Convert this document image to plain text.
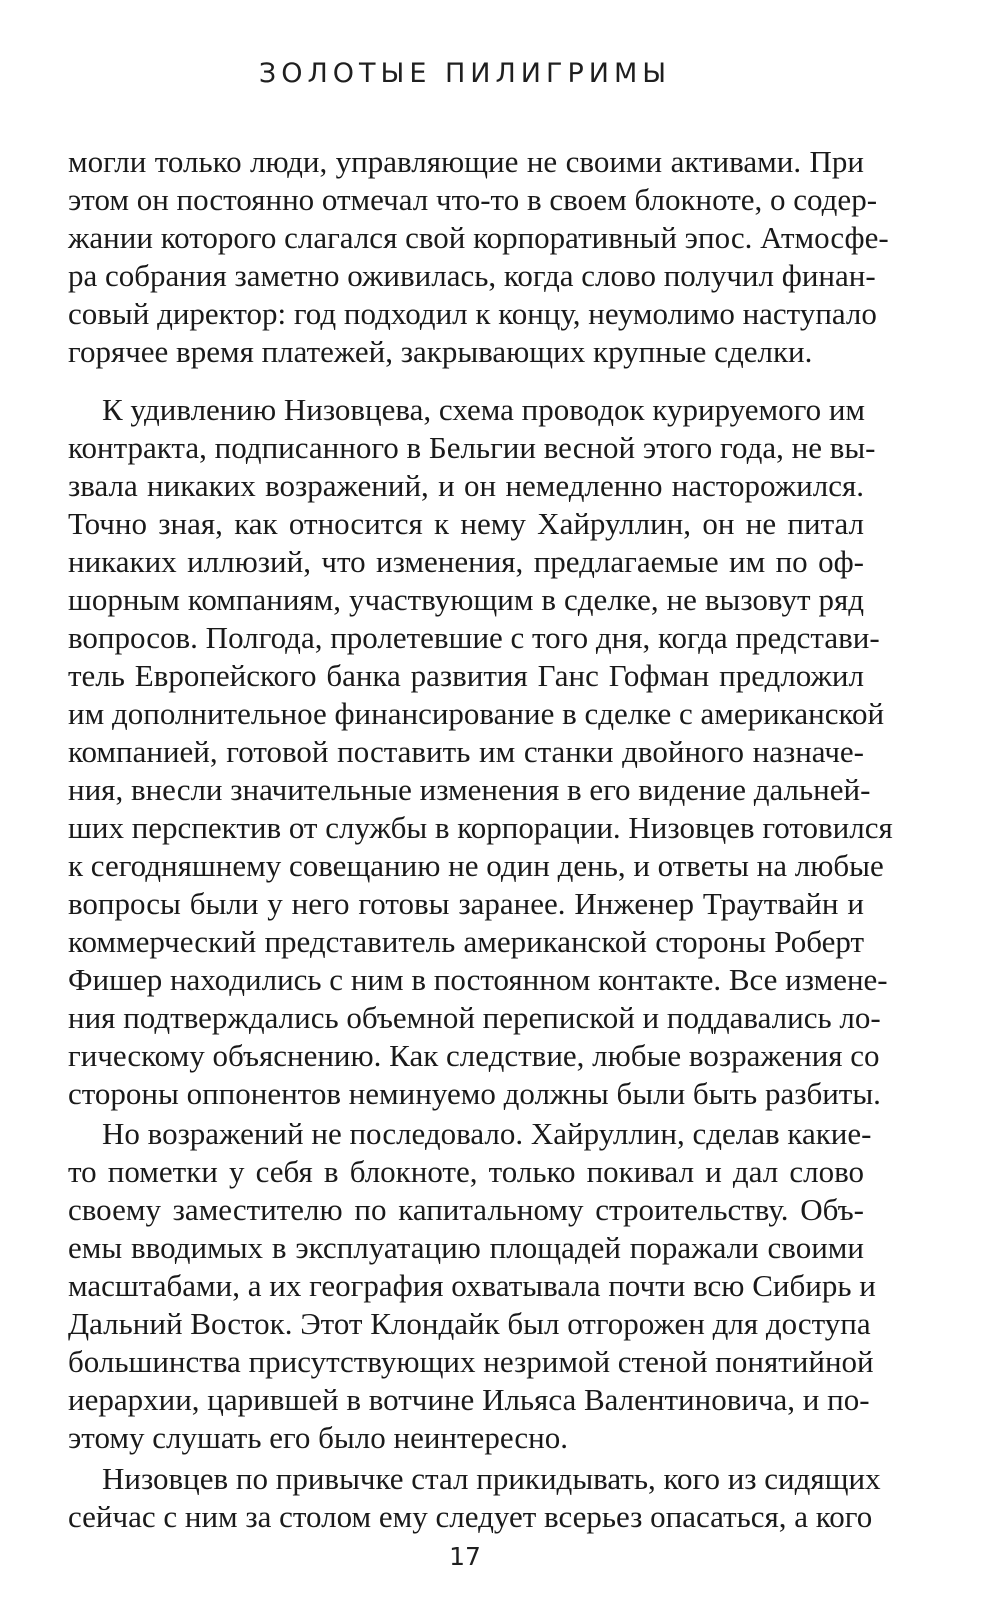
ЗОЛОТЫЕ ПИЛИГРИМЫ
могли только люди, управляющие не своими активами. При
этом он постоянно отмечал что-то в своем блокноте, о содер-
жании которого слагался свой корпоративный эпос. Атмосфе-
ра собрания заметно оживилась, когда слово получил финан-
совый директор: год подходил к концу, неумолимо наступало
горячее время платежей, закрывающих крупные сделки.
К удивлению Низовцева, схема проводок курируемого им
контракта, подписанного в Бельгии весной этого года, не вы-
звала никаких возражений, и он немедленно насторожился.
Точно зная, как относится к нему Хайруллин, он не питал
никаких иллюзий, что изменения, предлагаемые им по оф-
шорным компаниям, участвующим в сделке, не вызовут ряд
вопросов. Полгода, пролетевшие с того дня, когда представи-
тель Европейского банка развития Ганс Гофман предложил
им дополнительное финансирование в сделке с американской
компанией, готовой поставить им станки двойного назначе-
ния, внесли значительные изменения в его видение дальней-
ших перспектив от службы в корпорации. Низовцев готовился
к сегодняшнему совещанию не один день, и ответы на любые
вопросы были у него готовы заранее. Инженер Траутвайн и
коммерческий представитель американской стороны Роберт
Фишер находились с ним в постоянном контакте. Все измене-
ния подтверждались объемной перепиской и поддавались ло-
гическому объяснению. Как следствие, любые возражения со
стороны оппонентов неминуемо должны были быть разбиты.
Но возражений не последовало. Хайруллин, сделав какие-
то пометки у себя в блокноте, только покивал и дал слово
своему заместителю по капитальному строительству. Объ-
емы вводимых в эксплуатацию площадей поражали своими
масштабами, а их география охватывала почти всю Сибирь и
Дальний Восток. Этот Клондайк был отгорожен для доступа
большинства присутствующих незримой стеной понятийной
иерархии, царившей в вотчине Ильяса Валентиновича, и по-
этому слушать его было неинтересно.
Низовцев по привычке стал прикидывать, кого из сидящих
сейчас с ним за столом ему следует всерьез опасаться, а кого
17
